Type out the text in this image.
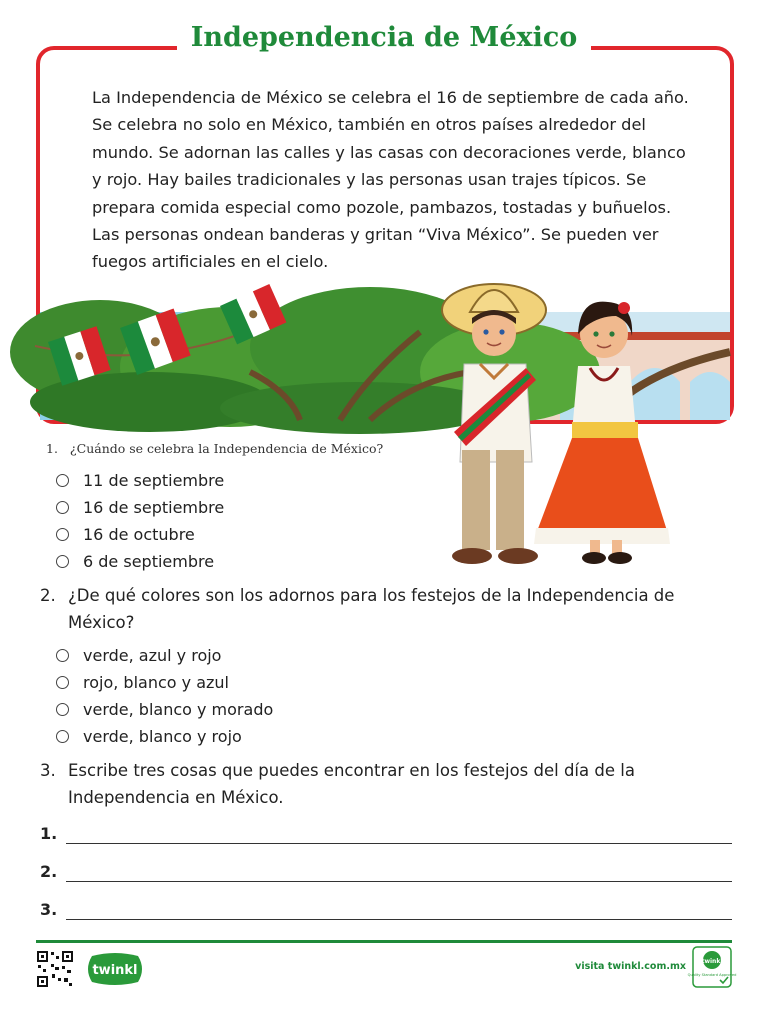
La Independencia de México se celebra el 16 de septiembre de cada año. Se celebra no solo en México, también en otros países alrededor del mundo. Se adornan las calles y las casas con decoraciones verde, blanco y rojo. Hay bailes tradicionales y las personas usan trajes típicos. Se prepara comida especial como pozole, pambazos, tostadas y buñuelos. Las personas ondean banderas y gritan “Viva México”. Se pueden ver fuegos artificiales en el cielo.
Independencia de México
1. ¿Cuándo se celebra la Independencia de México?
11 de septiembre
16 de septiembre
16 de octubre
6 de septiembre
2. ¿De qué colores son los adornos para los festejos de la Independencia de México?
verde, azul y rojo
rojo, blanco y azul
verde, blanco y morado
verde, blanco y rojo
3. Escribe tres cosas que puedes encontrar en los festejos del día de la Independencia en México.
1.
2.
3.
twinkl	visita twinkl.com.mx	twinkl
Quality Standard Approved
